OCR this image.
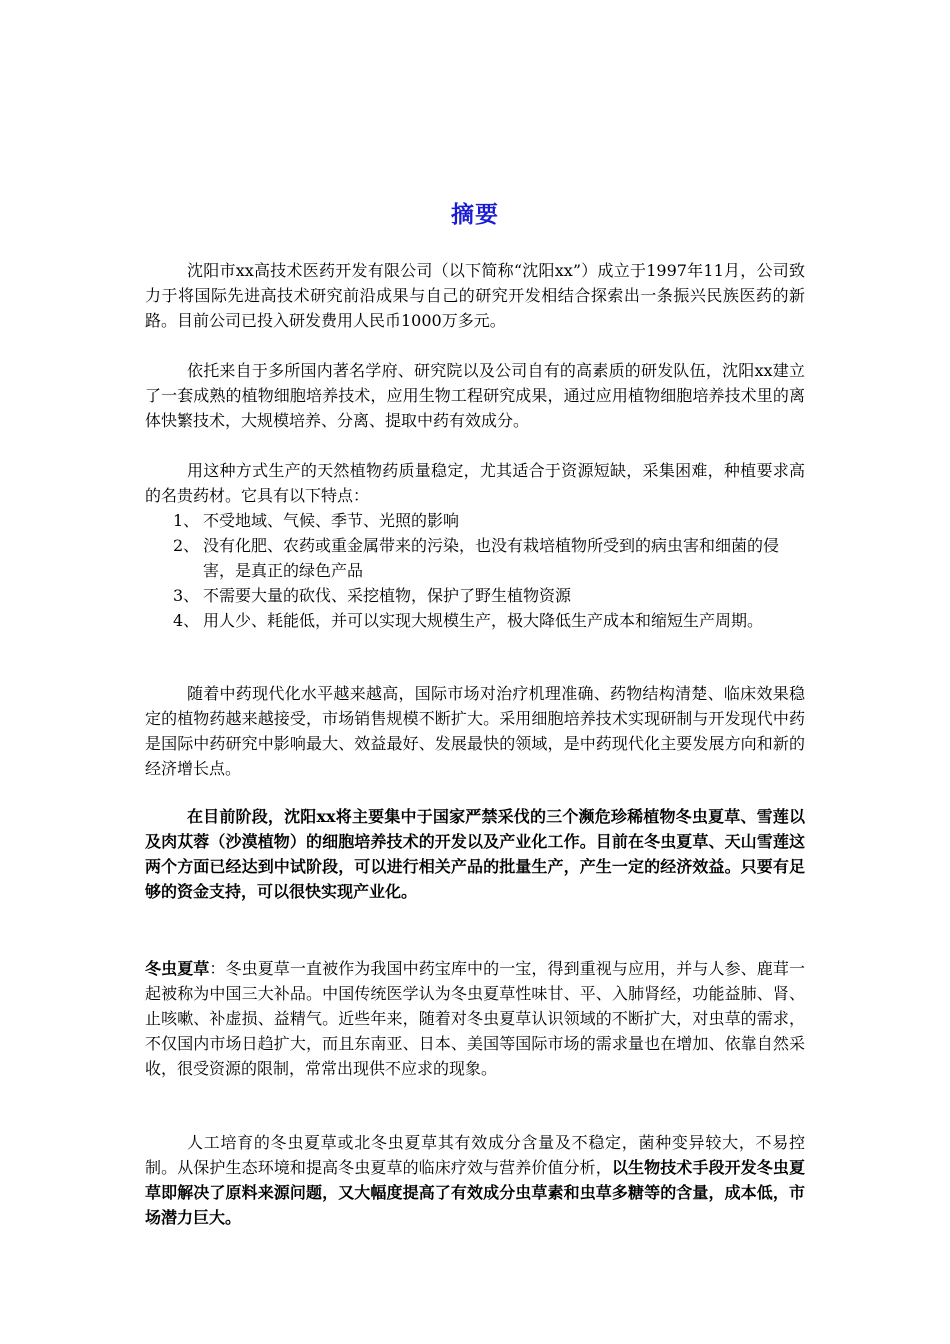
摘要

沈阳市xx高技术医药开发有限公司（以下简称“沈阳xx”）成立于1997年11月，公司致力于将国际先进高技术研究前沿成果与自己的研究开发相结合探索出一条振兴民族医药的新路。目前公司已投入研发费用人民币1000万多元。

依托来自于多所国内著名学府、研究院以及公司自有的高素质的研发队伍，沈阳xx建立了一套成熟的植物细胞培养技术，应用生物工程研究成果，通过应用植物细胞培养技术里的离体快繁技术，大规模培养、分离、提取中药有效成分。

用这种方式生产的天然植物药质量稳定，尤其适合于资源短缺，采集困难，种植要求高的名贵药材。它具有以下特点：

1、 不受地域、气候、季节、光照的影响
2、 没有化肥、农药或重金属带来的污染，也没有栽培植物所受到的病虫害和细菌的侵害，是真正的绿色产品
3、 不需要大量的砍伐、采挖植物，保护了野生植物资源
4、 用人少、耗能低，并可以实现大规模生产，极大降低生产成本和缩短生产周期。

随着中药现代化水平越来越高，国际市场对治疗机理准确、药物结构清楚、临床效果稳定的植物药越来越接受，市场销售规模不断扩大。采用细胞培养技术实现研制与开发现代中药是国际中药研究中影响最大、效益最好、发展最快的领域，是中药现代化主要发展方向和新的经济增长点。

在目前阶段，沈阳xx将主要集中于国家严禁采伐的三个濒危珍稀植物冬虫夏草、雪莲以及肉苁蓉（沙漠植物）的细胞培养技术的开发以及产业化工作。目前在冬虫夏草、天山雪莲这两个方面已经达到中试阶段，可以进行相关产品的批量生产，产生一定的经济效益。只要有足够的资金支持，可以很快实现产业化。

冬虫夏草：冬虫夏草一直被作为我国中药宝库中的一宝，得到重视与应用，并与人参、鹿茸一起被称为中国三大补品。中国传统医学认为冬虫夏草性味甘、平、入肺肾经，功能益肺、肾、止咳嗽、补虚损、益精气。近些年来，随着对冬虫夏草认识领域的不断扩大，对虫草的需求，不仅国内市场日趋扩大，而且东南亚、日本、美国等国际市场的需求量也在增加、依靠自然采收，很受资源的限制，常常出现供不应求的现象。

人工培育的冬虫夏草或北冬虫夏草其有效成分含量及不稳定，菌种变异较大，不易控制。从保护生态环境和提高冬虫夏草的临床疗效与营养价值分析，以生物技术手段开发冬虫夏草即解决了原料来源问题，又大幅度提高了有效成分虫草素和虫草多糖等的含量，成本低，市场潜力巨大。
